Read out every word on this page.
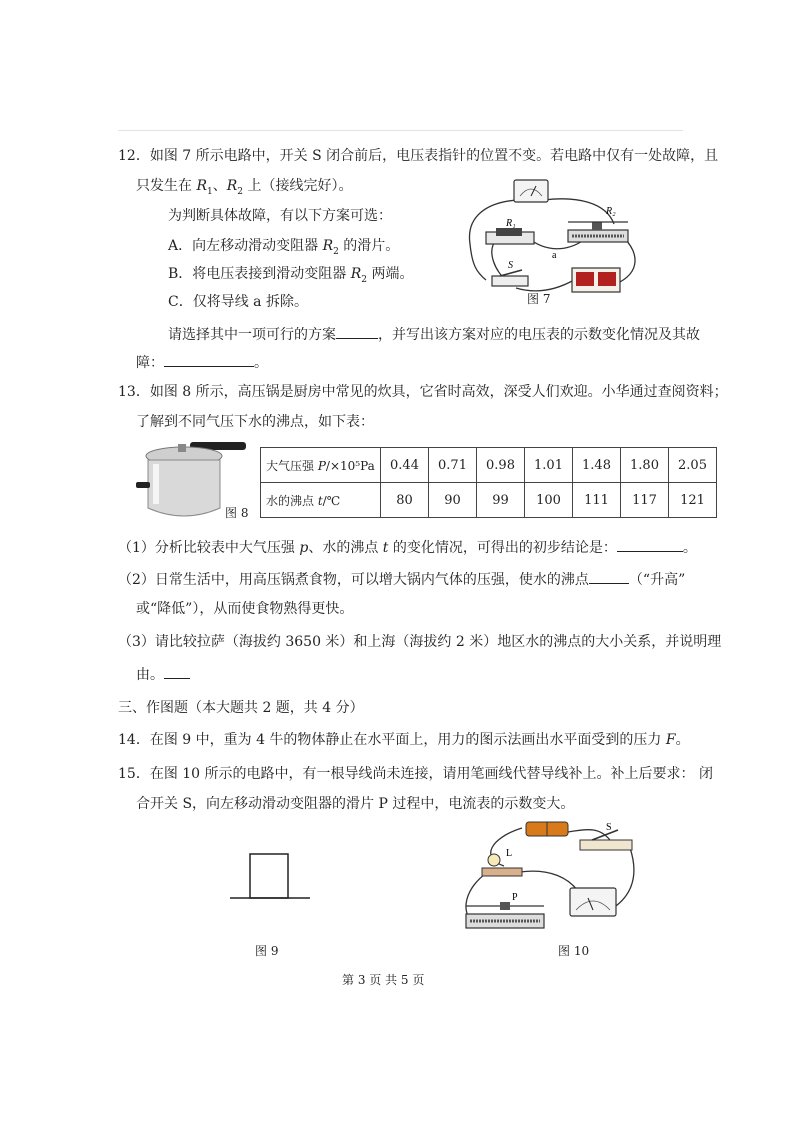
12．如图 7 所示电路中，开关 S 闭合前后，电压表指针的位置不变。若电路中仅有一处故障，且
只发生在 $R_1$、$R_2$ 上（接线完好）。
为判断具体故障，有以下方案可选：
A．向左移动滑动变阻器 $R_2$ 的滑片。
B．将电压表接到滑动变阻器 $R_2$ 两端。
C．仅将导线 a 拆除。
请选择其中一项可行的方案	，并写出该方案对应的电压表的示数变化情况及其故
障：	。
R₁
R₂
S
a
图 7
13．如图 8 所示，高压锅是厨房中常见的炊具，它省时高效，深受人们欢迎。小华通过查阅资料；
了解到不同气压下水的沸点，如下表：
图 8
大气压强 P/×10⁵Pa	0.44	0.71	0.98	1.01	1.48	1.80	2.05
水的沸点 t/℃	80	90	99	100	111	117	121
（1）分析比较表中大气压强 p、水的沸点 t 的变化情况，可得出的初步结论是：	。
（2）日常生活中，用高压锅煮食物，可以增大锅内气体的压强，使水的沸点	（“升高”
或“降低”），从而使食物熟得更快。
（3）请比较拉萨（海拔约 3650 米）和上海（海拔约 2 米）地区水的沸点的大小关系，并说明理
由。
三、作图题（本大题共 2 题，共 4 分）
14．在图 9 中，重为 4 牛的物体静止在水平面上，用力的图示法画出水平面受到的压力 F。
15．在图 10 所示的电路中，有一根导线尚未连接，请用笔画线代替导线补上。补上后要求： 闭
合开关 S，向左移动滑动变阻器的滑片 P 过程中，电流表的示数变大。
图 9
S
L
P
图 10
第 3 页 共 5 页
